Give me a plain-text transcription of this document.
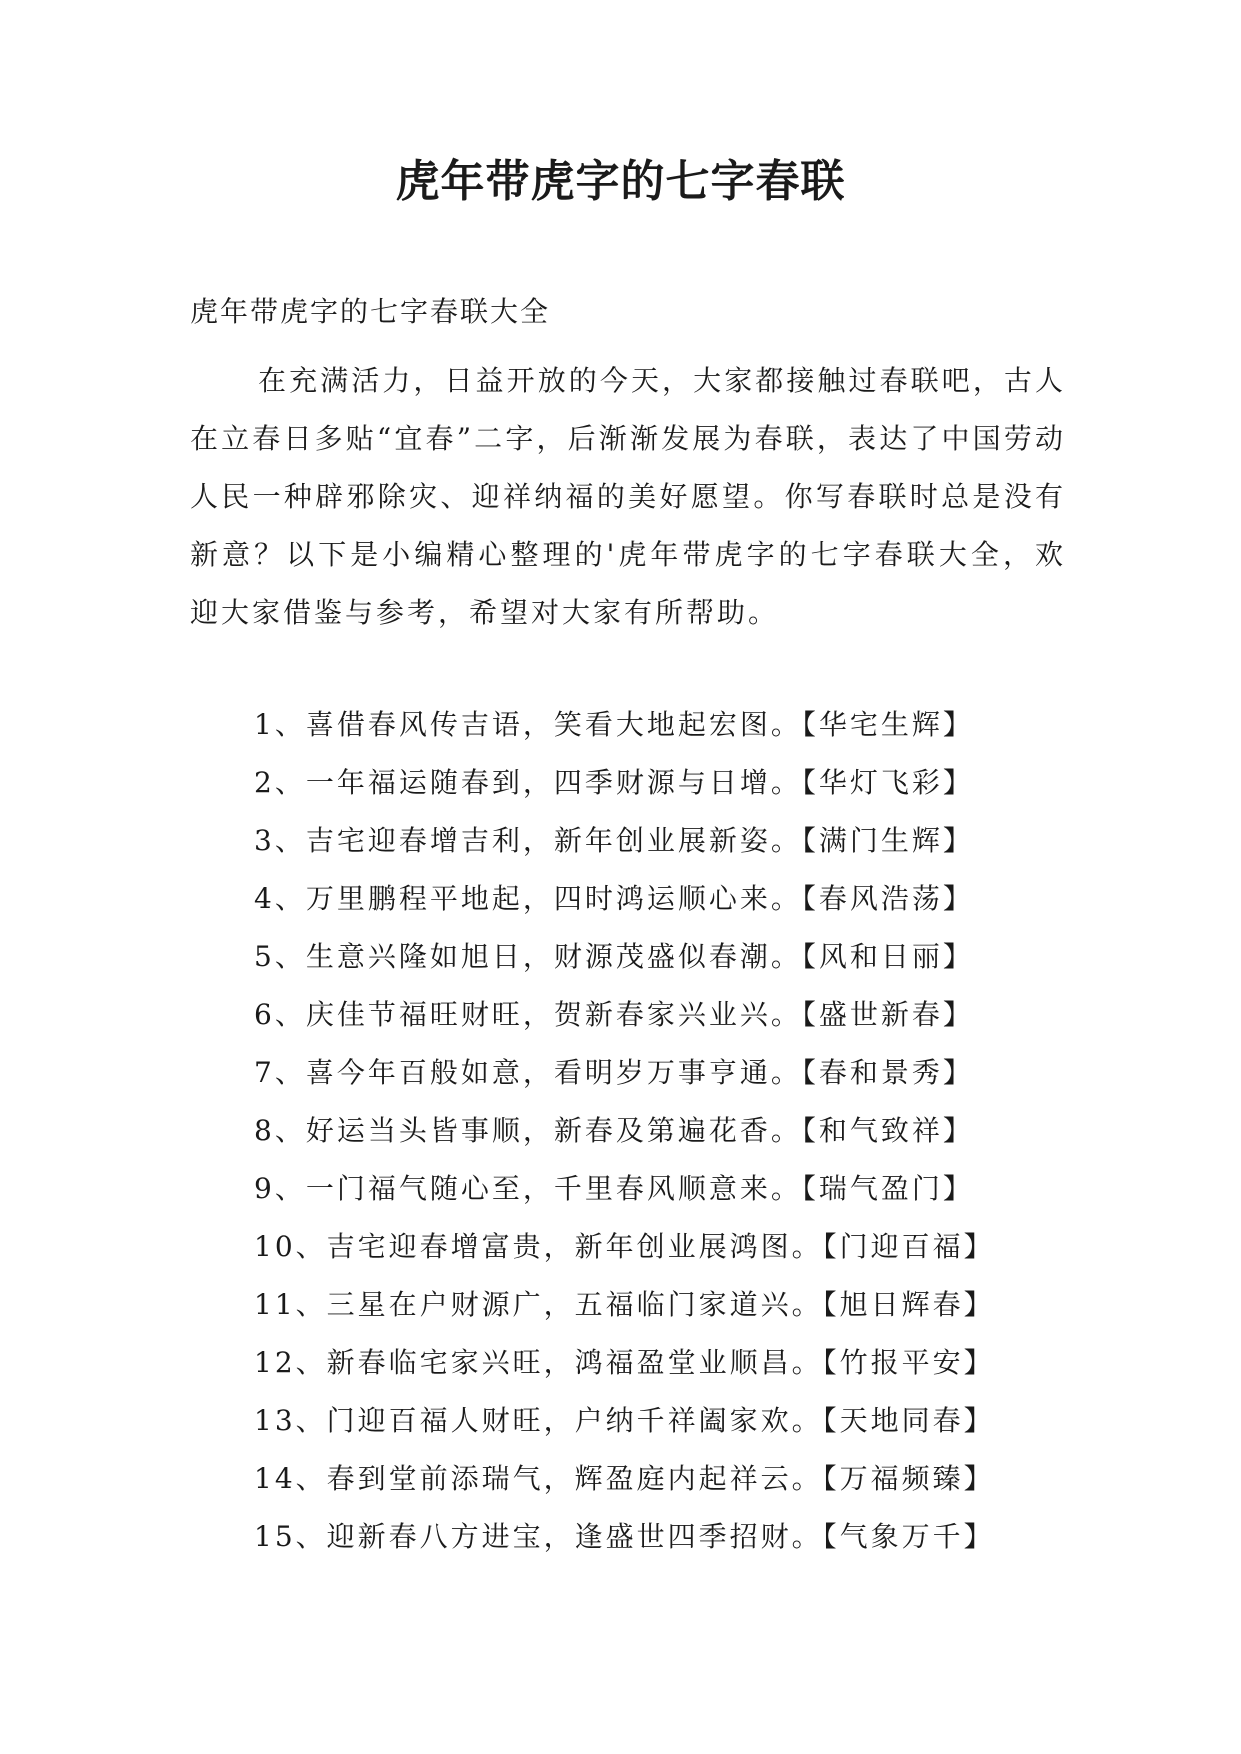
虎年带虎字的七字春联

虎年带虎字的七字春联大全

在充满活力，日益开放的今天，大家都接触过春联吧，古人在立春日多贴“宜春”二字，后渐渐发展为春联，表达了中国劳动人民一种辟邪除灾、迎祥纳福的美好愿望。你写春联时总是没有新意？以下是小编精心整理的'虎年带虎字的七字春联大全，欢迎大家借鉴与参考，希望对大家有所帮助。

1、喜借春风传吉语，笑看大地起宏图。【华宅生辉】
2、一年福运随春到，四季财源与日增。【华灯飞彩】
3、吉宅迎春增吉利，新年创业展新姿。【满门生辉】
4、万里鹏程平地起，四时鸿运顺心来。【春风浩荡】
5、生意兴隆如旭日，财源茂盛似春潮。【风和日丽】
6、庆佳节福旺财旺，贺新春家兴业兴。【盛世新春】
7、喜今年百般如意，看明岁万事亨通。【春和景秀】
8、好运当头皆事顺，新春及第遍花香。【和气致祥】
9、一门福气随心至，千里春风顺意来。【瑞气盈门】
10、吉宅迎春增富贵，新年创业展鸿图。【门迎百福】
11、三星在户财源广，五福临门家道兴。【旭日辉春】
12、新春临宅家兴旺，鸿福盈堂业顺昌。【竹报平安】
13、门迎百福人财旺，户纳千祥阖家欢。【天地同春】
14、春到堂前添瑞气，辉盈庭内起祥云。【万福频臻】
15、迎新春八方进宝，逢盛世四季招财。【气象万千】
